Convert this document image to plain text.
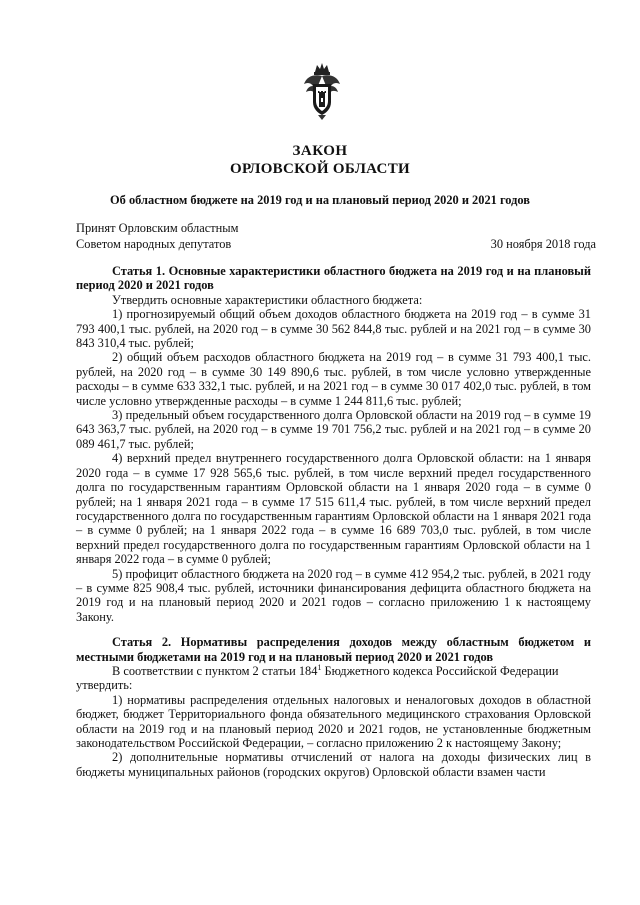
ЗАКОН
ОРЛОВСКОЙ ОБЛАСТИ
Об областном бюджете на 2019 год и на плановый период 2020 и 2021 годов
Принят Орловским областным
Советом народных депутатов	30 ноября 2018 года

Статья 1. Основные характеристики областного бюджета на 2019 год и на плановый период 2020 и 2021 годов

Утвердить основные характеристики областного бюджета:

1) прогнозируемый общий объем доходов областного бюджета на 2019 год – в сумме 31 793 400,1 тыс. рублей, на 2020 год – в сумме 30 562 844,8 тыс. рублей и на 2021 год – в сумме 30 843 310,4 тыс. рублей;

2) общий объем расходов областного бюджета на 2019 год – в сумме 31 793 400,1 тыс. рублей, на 2020 год – в сумме 30 149 890,6 тыс. рублей, в том числе условно утвержденные расходы – в сумме 633 332,1 тыс. рублей, и на 2021 год – в сумме 30 017 402,0 тыс. рублей, в том числе условно утвержденные расходы – в сумме 1 244 811,6 тыс. рублей;

3) предельный объем государственного долга Орловской области на 2019 год – в сумме 19 643 363,7 тыс. рублей, на 2020 год – в сумме 19 701 756,2 тыс. рублей и на 2021 год – в сумме 20 089 461,7 тыс. рублей;

4) верхний предел внутреннего государственного долга Орловской области: на 1 января 2020 года – в сумме 17 928 565,6 тыс. рублей, в том числе верхний предел государственного долга по государственным гарантиям Орловской области на 1 января 2020 года – в сумме 0 рублей; на 1 января 2021 года – в сумме 17 515 611,4 тыс. рублей, в том числе верхний предел государственного долга по государственным гарантиям Орловской области на 1 января 2021 года – в сумме 0 рублей; на 1 января 2022 года – в сумме 16 689 703,0 тыс. рублей, в том числе верхний предел государственного долга по государственным гарантиям Орловской области на 1 января 2022 года – в сумме 0 рублей;

5) профицит областного бюджета на 2020 год – в сумме 412 954,2 тыс. рублей, в 2021 году – в сумме 825 908,4 тыс. рублей, источники финансирования дефицита областного бюджета на 2019 год и на плановый период 2020 и 2021 годов – согласно приложению 1 к настоящему Закону.

Статья 2. Нормативы распределения доходов между областным бюджетом и местными бюджетами на 2019 год и на плановый период 2020 и 2021 годов

В соответствии с пунктом 2 статьи $184^1$ Бюджетного кодекса Российской Федерации

утвердить:

1) нормативы распределения отдельных налоговых и неналоговых доходов в областной бюджет, бюджет Территориального фонда обязательного медицинского страхования Орловской области на 2019 год и на плановый период 2020 и 2021 годов, не установленные бюджетным законодательством Российской Федерации, – согласно приложению 2 к настоящему Закону;

2) дополнительные нормативы отчислений от налога на доходы физических лиц в бюджеты муниципальных районов (городских округов) Орловской области взамен части
